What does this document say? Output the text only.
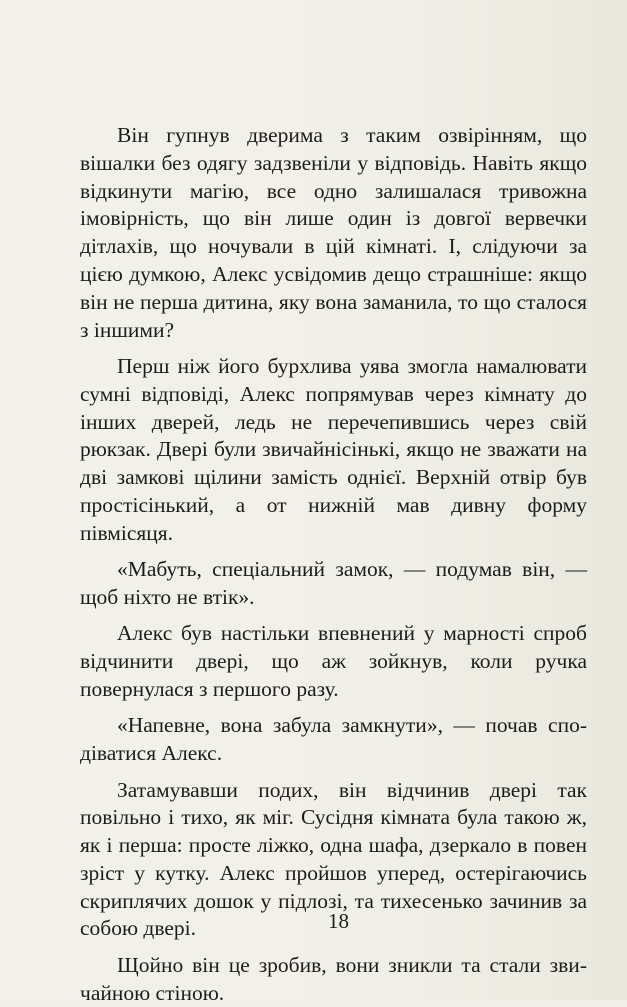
Він гупнув дверима з таким озвірінням, що вішалки без одягу задзвеніли у відповідь. Навіть якщо відкинути магію, все одно залишалася тривожна імовірність, що він лише один із довгої вервечки дітлахів, що ночували в цій кімнаті. І, слідуючи за цією думкою, Алекс усвідомив дещо страшніше: якщо він не перша дитина, яку вона заманила, то що сталося з іншими?

Перш ніж його бурхлива уява змогла намалювати сумні відповіді, Алекс попрямував через кімнату до інших дверей, ледь не перечепившись через свій рюкзак. Двері були звичайнісінькі, якщо не зважати на дві замкові щілини замість однієї. Верхній отвір був простісінький, а от нижній мав дивну форму півмісяця.

«Мабуть, спеціальний замок, — подумав він, — щоб ніхто не втік».

Алекс був настільки впевнений у марності спроб відчинити двері, що аж зойкнув, коли ручка повернулася з першого разу.

«Напевне, вона забула замкнути», — почав сподіватися Алекс.

Затамувавши подих, він відчинив двері так повільно і тихо, як міг. Сусідня кімната була такою ж, як і перша: просте ліжко, одна шафа, дзеркало в повен зріст у кутку. Алекс пройшов уперед, остерігаючись скриплячих дошок у підлозі, та тихесенько зачинив за собою двері.

Щойно він це зробив, вони зникли та стали звичайною стіною.

18
